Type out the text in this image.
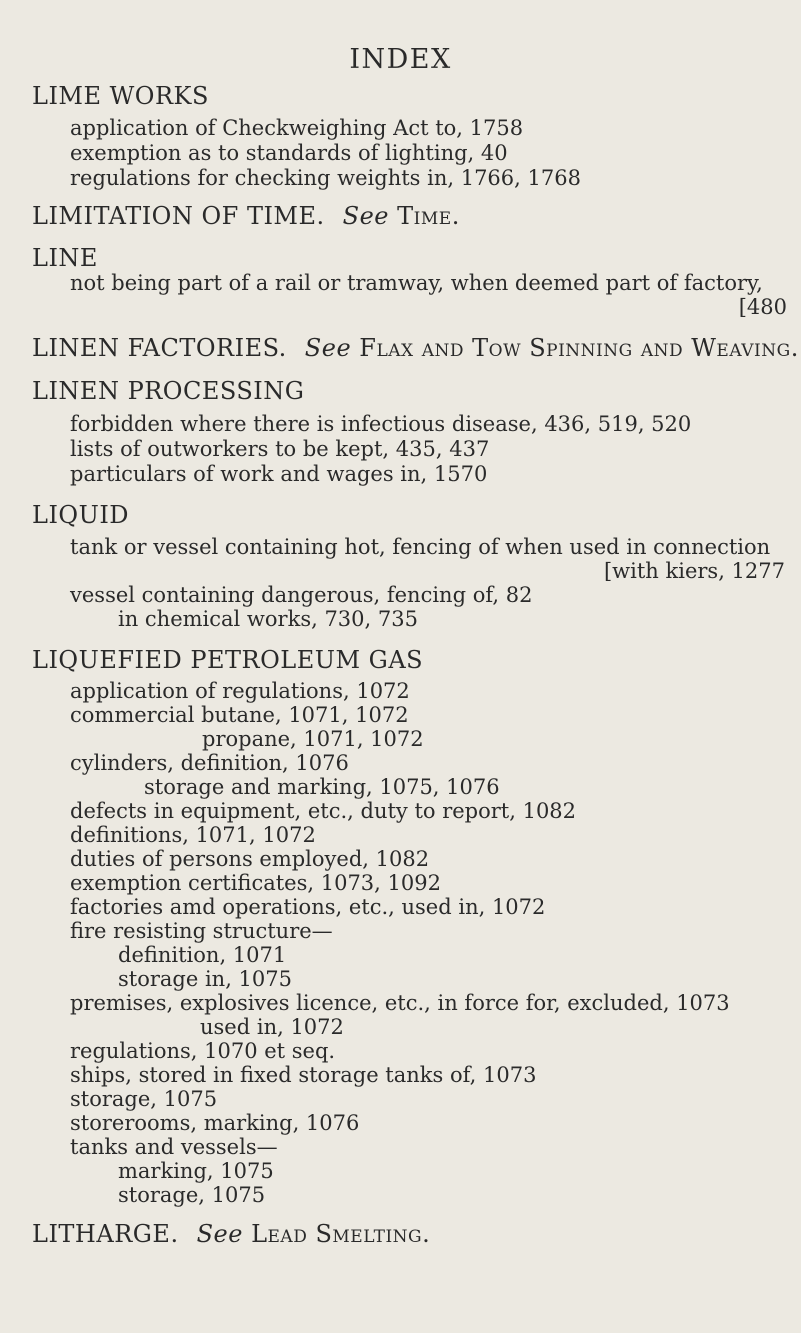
INDEX
LIME WORKS
application of Checkweighing Act to, 1758
exemption as to standards of lighting, 40
regulations for checking weights in, 1766, 1768
LIMITATION OF TIME. See Time.
LINE
not being part of a rail or tramway, when deemed part of factory,
[480
LINEN FACTORIES. See Flax and Tow Spinning and Weaving.
LINEN PROCESSING
forbidden where there is infectious disease, 436, 519, 520
lists of outworkers to be kept, 435, 437
particulars of work and wages in, 1570
LIQUID
tank or vessel containing hot, fencing of when used in connection
[with kiers, 1277
vessel containing dangerous, fencing of, 82
in chemical works, 730, 735
LIQUEFIED PETROLEUM GAS
application of regulations, 1072
commercial butane, 1071, 1072
propane, 1071, 1072
cylinders, definition, 1076
storage and marking, 1075, 1076
defects in equipment, etc., duty to report, 1082
definitions, 1071, 1072
duties of persons employed, 1082
exemption certificates, 1073, 1092
factories amd operations, etc., used in, 1072
fire resisting structure—
definition, 1071
storage in, 1075
premises, explosives licence, etc., in force for, excluded, 1073
used in, 1072
regulations, 1070 et seq.
ships, stored in fixed storage tanks of, 1073
storage, 1075
storerooms, marking, 1076
tanks and vessels—
marking, 1075
storage, 1075
LITHARGE. See Lead Smelting.
